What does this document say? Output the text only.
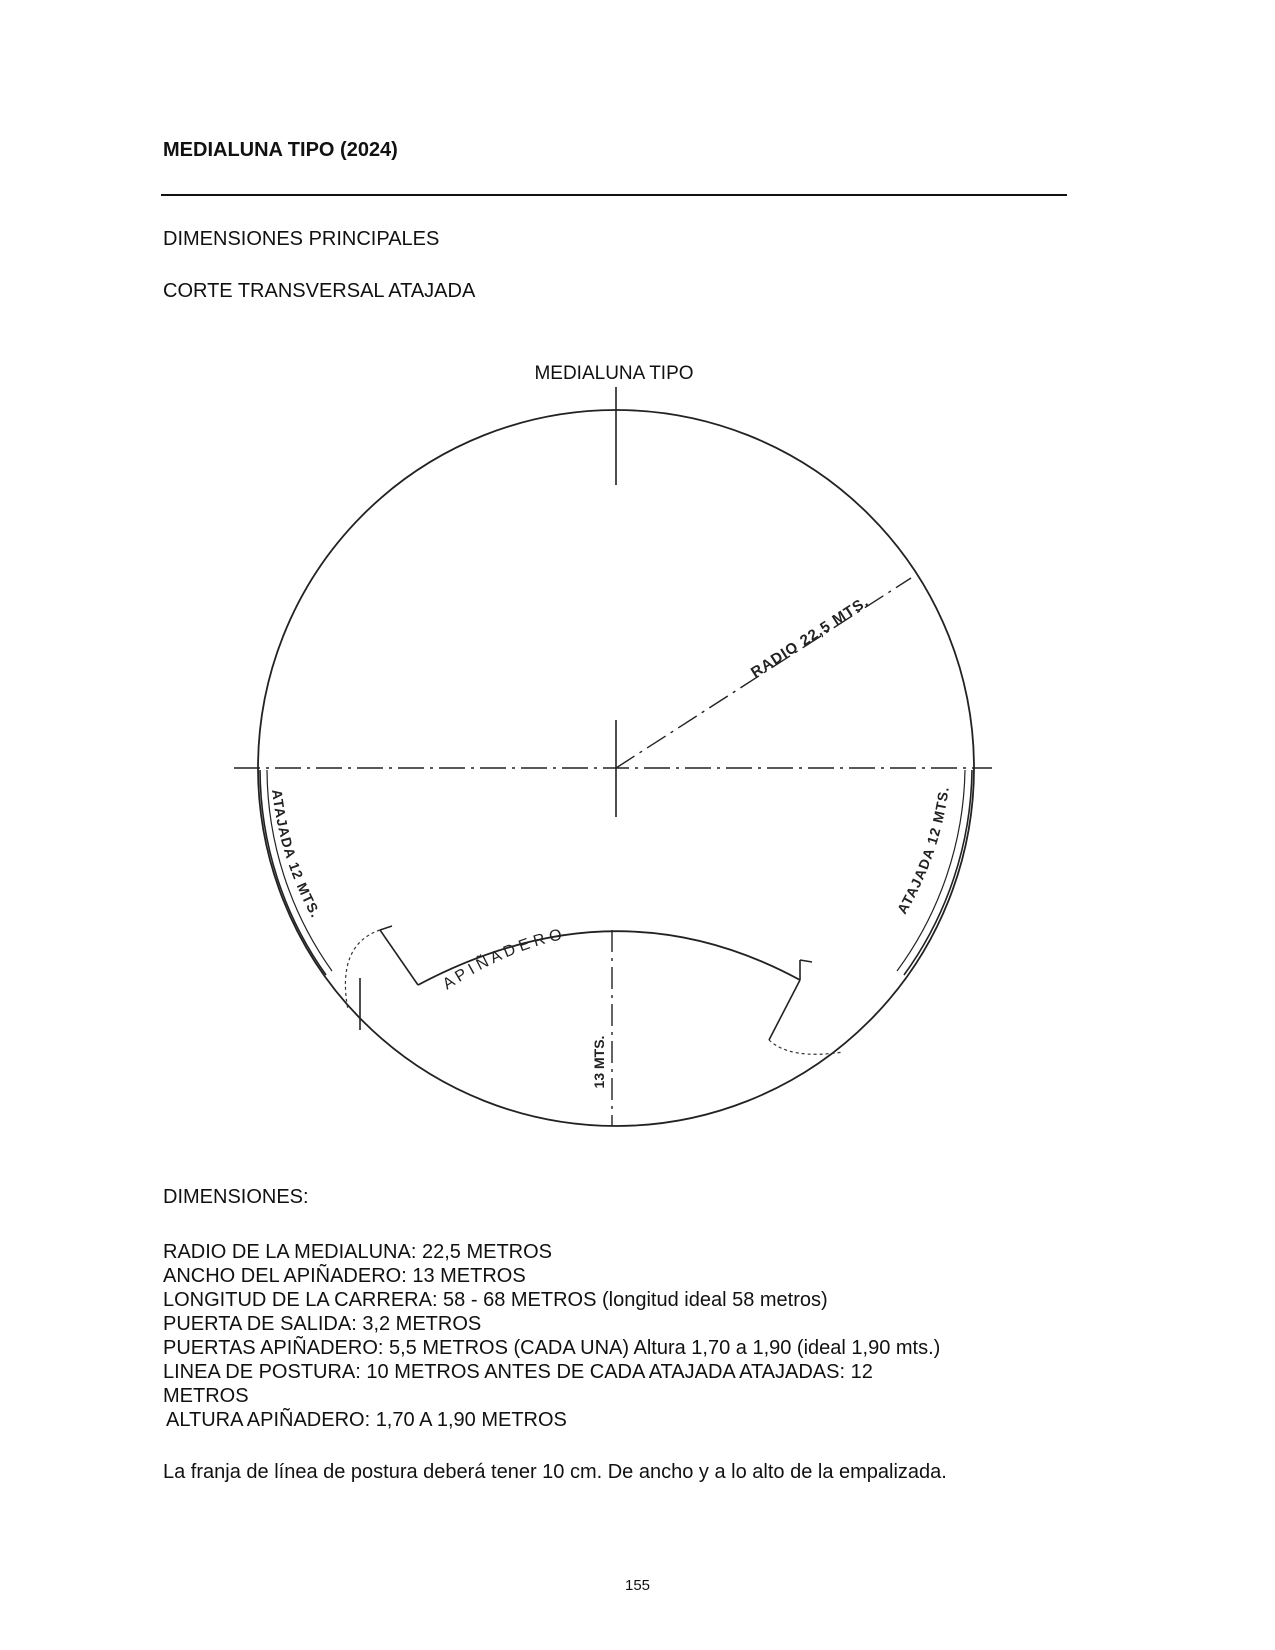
MEDIALUNA TIPO (2024)

DIMENSIONES PRINCIPALES

CORTE TRANSVERSAL ATAJADA

MEDIALUNA TIPO
RADIO 22,5 MTS.
ATAJADA 12 MTS.	ATAJADA 12 MTS.
A P I Ñ A D E R O
13 MTS.

DIMENSIONES:

RADIO DE LA MEDIALUNA: 22,5 METROS
ANCHO DEL APIÑADERO: 13 METROS
LONGITUD DE LA CARRERA: 58 - 68 METROS (longitud ideal 58 metros)
PUERTA DE SALIDA: 3,2 METROS
PUERTAS APIÑADERO: 5,5 METROS (CADA UNA) Altura 1,70 a 1,90 (ideal 1,90 mts.)
LINEA DE POSTURA: 10 METROS ANTES DE CADA ATAJADA ATAJADAS: 12
METROS
ALTURA APIÑADERO: 1,70 A 1,90 METROS

La franja de línea de postura deberá tener 10 cm. De ancho y a lo alto de la empalizada.

155
